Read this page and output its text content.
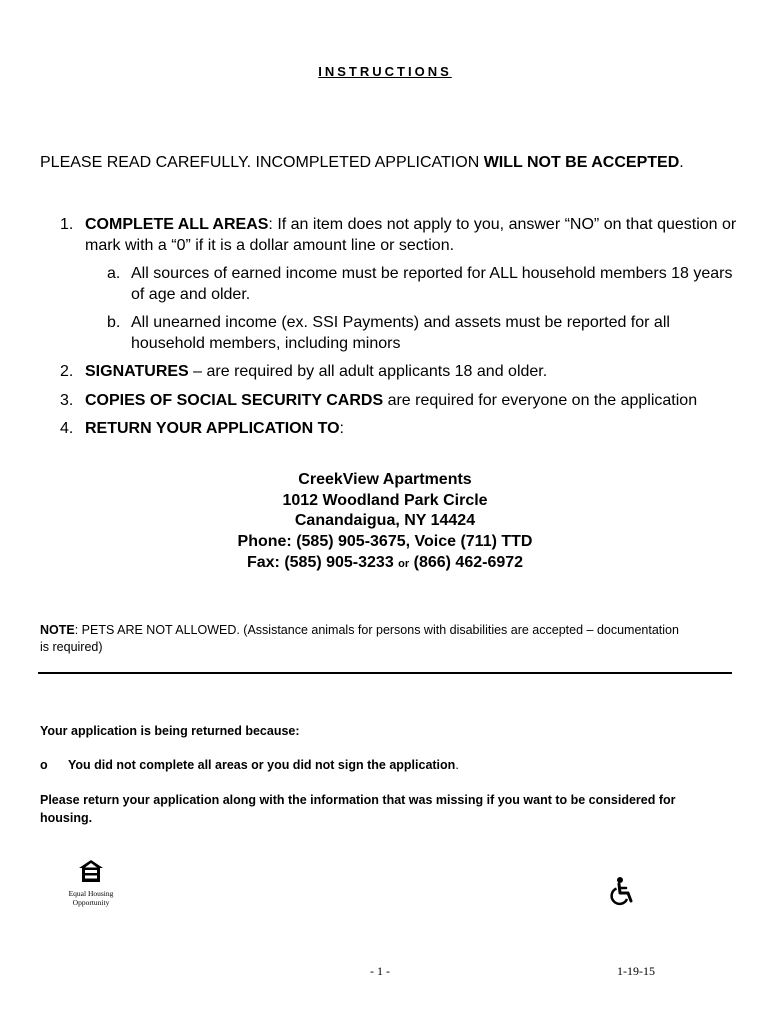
INSTRUCTIONS
PLEASE READ CAREFULLY. INCOMPLETED APPLICATION WILL NOT BE ACCEPTED.
1. COMPLETE ALL AREAS: If an item does not apply to you, answer “NO” on that question or mark with a “0” if it is a dollar amount line or section.
a. All sources of earned income must be reported for ALL household members 18 years of age and older.
b. All unearned income (ex. SSI Payments) and assets must be reported for all household members, including minors
2. SIGNATURES – are required by all adult applicants 18 and older.
3. COPIES OF SOCIAL SECURITY CARDS are required for everyone on the application
4. RETURN YOUR APPLICATION TO:
CreekView Apartments
1012 Woodland Park Circle
Canandaigua, NY 14424
Phone: (585) 905-3675, Voice (711) TTD
Fax: (585) 905-3233 or (866) 462-6972
NOTE: PETS ARE NOT ALLOWED. (Assistance animals for persons with disabilities are accepted – documentation is required)
Your application is being returned because:
o You did not complete all areas or you did not sign the application.
Please return your application along with the information that was missing if you want to be considered for housing.
Equal Housing
Opportunity
- 1 -	1-19-15
